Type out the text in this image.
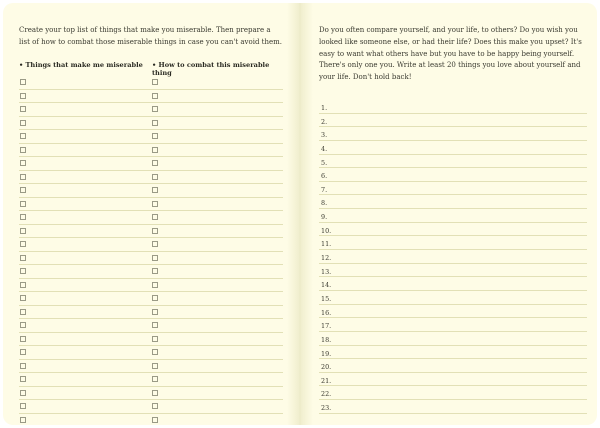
Create your top list of things that make you miserable. Then prepare a list of how to combat those miserable things in case you can't avoid them.

• Things that make me miserable • How to combat this miserable thing

Do you often compare yourself, and your life, to others? Do you wish you looked like someone else, or had their life? Does this make you upset? It's easy to want what others have but you have to be happy being yourself. There's only one you. Write at least 20 things you love about yourself and your life. Don't hold back!

1.
2.
3.
4.
5.
6.
7.
8.
9.
10.
11.
12.
13.
14.
15.
16.
17.
18.
19.
20.
21.
22.
23.
